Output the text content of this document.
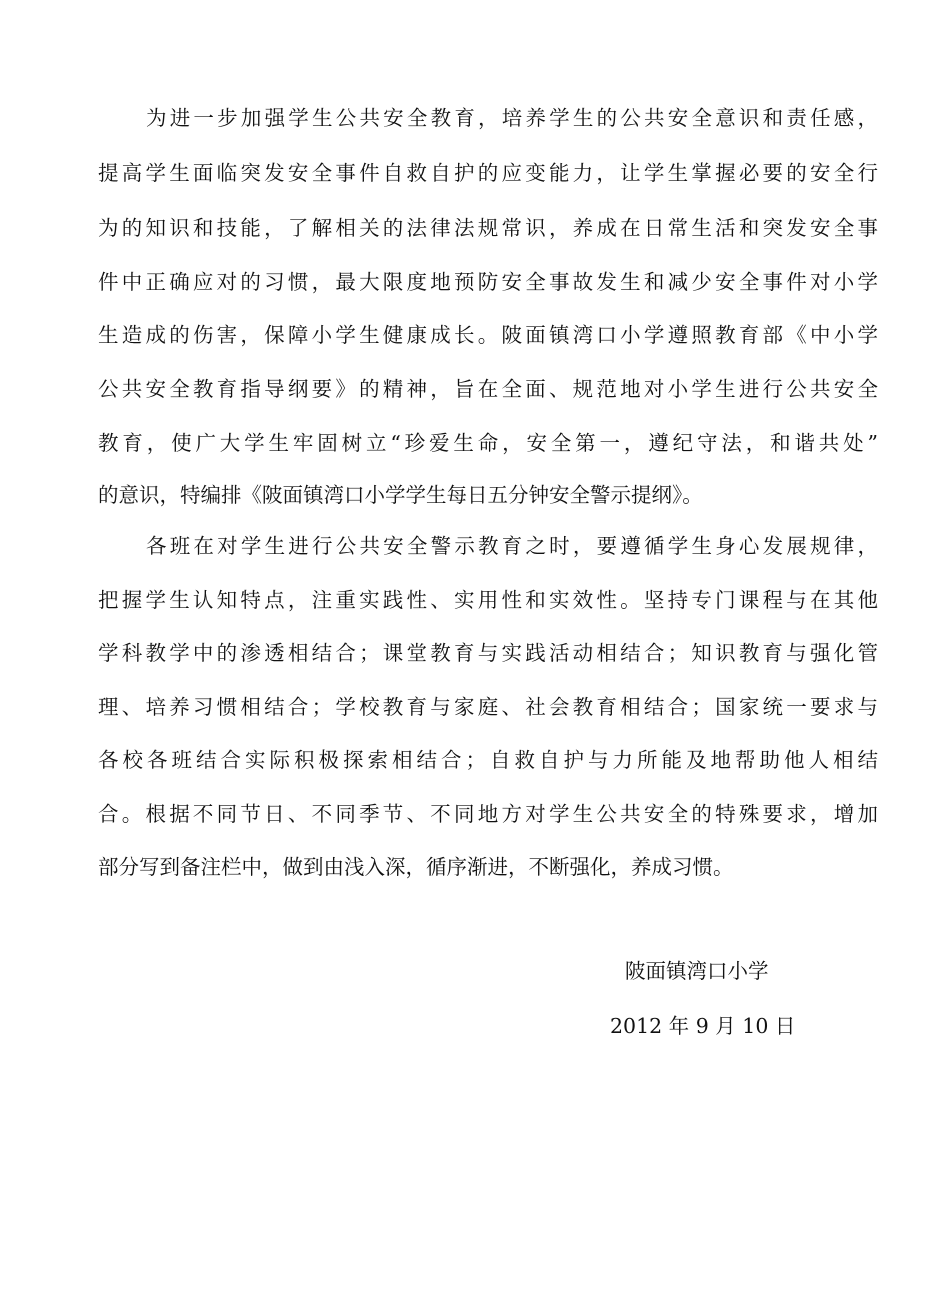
为进一步加强学生公共安全教育，培养学生的公共安全意识和责任感，
提高学生面临突发安全事件自救自护的应变能力，让学生掌握必要的安全行
为的知识和技能，了解相关的法律法规常识，养成在日常生活和突发安全事
件中正确应对的习惯，最大限度地预防安全事故发生和减少安全事件对小学
生造成的伤害，保障小学生健康成长。陂面镇湾口小学遵照教育部《中小学
公共安全教育指导纲要》的精神，旨在全面、规范地对小学生进行公共安全
教育，使广大学生牢固树立“珍爱生命，安全第一，遵纪守法，和谐共处”
的意识，特编排《陂面镇湾口小学学生每日五分钟安全警示提纲》。
各班在对学生进行公共安全警示教育之时，要遵循学生身心发展规律，
把握学生认知特点，注重实践性、实用性和实效性。坚持专门课程与在其他
学科教学中的渗透相结合；课堂教育与实践活动相结合；知识教育与强化管
理、培养习惯相结合；学校教育与家庭、社会教育相结合；国家统一要求与
各校各班结合实际积极探索相结合；自救自护与力所能及地帮助他人相结
合。根据不同节日、不同季节、不同地方对学生公共安全的特殊要求，增加
部分写到备注栏中，做到由浅入深，循序渐进，不断强化，养成习惯。
陂面镇湾口小学
2012 年 9 月 10 日
